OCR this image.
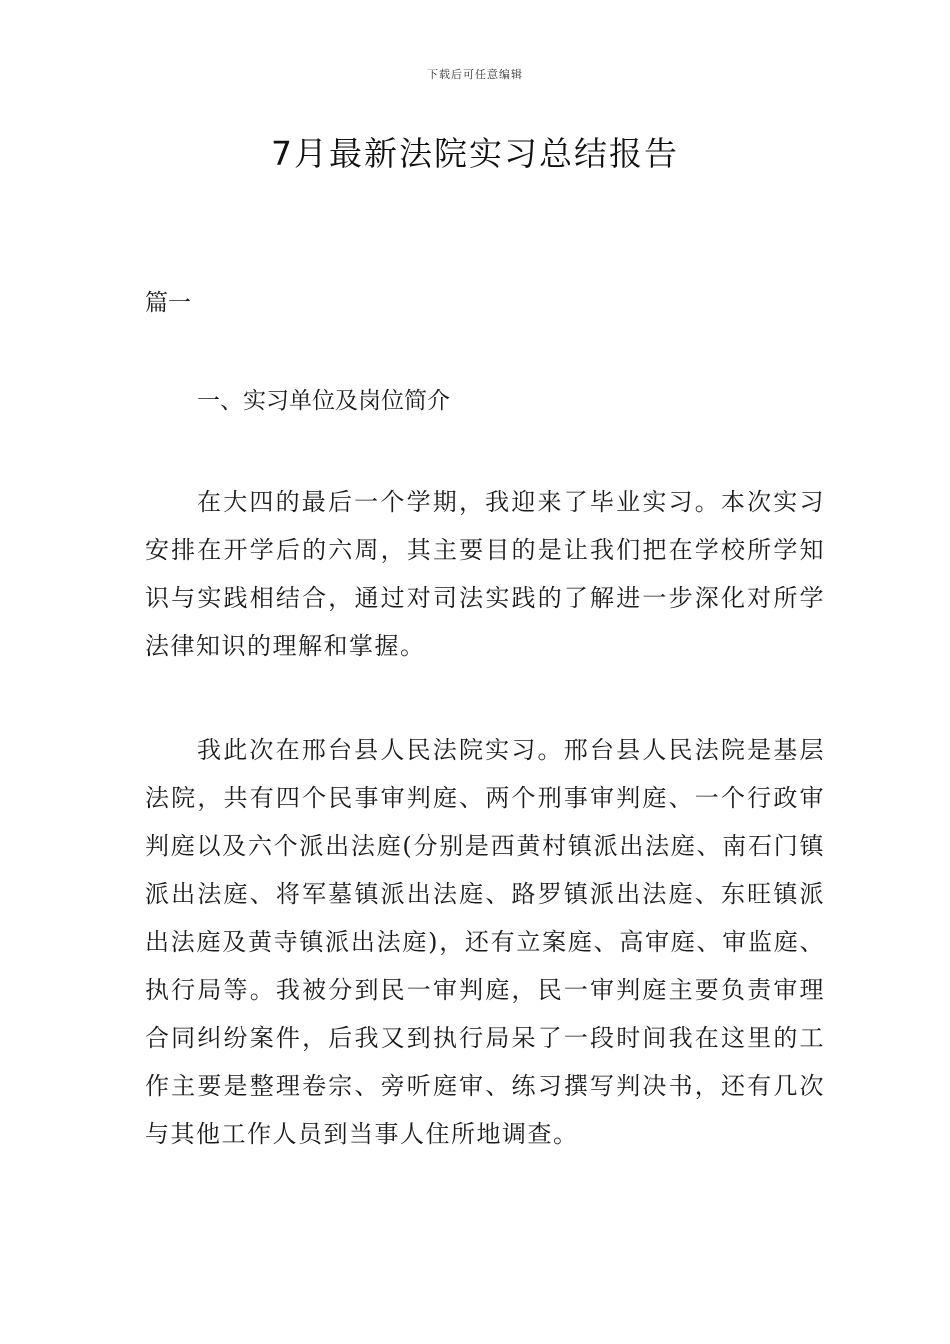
下载后可任意编辑
7月最新法院实习总结报告
篇一
一、实习单位及岗位简介

在大四的最后一个学期，我迎来了毕业实习。本次实习安排在开学后的六周，其主要目的是让我们把在学校所学知识与实践相结合，通过对司法实践的了解进一步深化对所学法律知识的理解和掌握。

我此次在邢台县人民法院实习。邢台县人民法院是基层法院，共有四个民事审判庭、两个刑事审判庭、一个行政审判庭以及六个派出法庭(分别是西黄村镇派出法庭、南石门镇派出法庭、将军墓镇派出法庭、路罗镇派出法庭、东旺镇派出法庭及黄寺镇派出法庭)，还有立案庭、高审庭、审监庭、执行局等。我被分到民一审判庭，民一审判庭主要负责审理合同纠纷案件，后我又到执行局呆了一段时间我在这里的工作主要是整理卷宗、旁听庭审、练习撰写判决书，还有几次与其他工作人员到当事人住所地调查。
